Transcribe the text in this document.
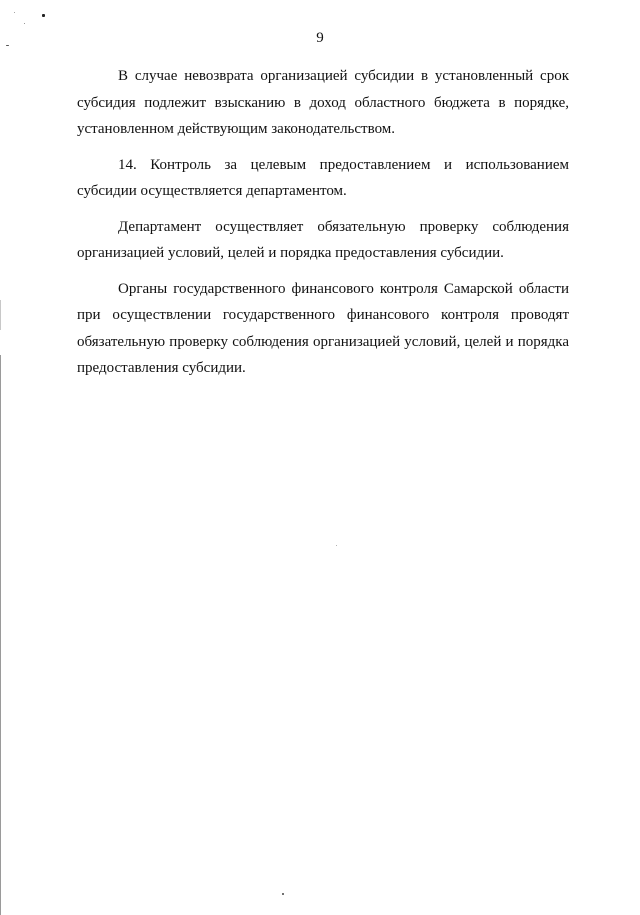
9

В случае невозврата организацией субсидии в установленный срок субсидия подлежит взысканию в доход областного бюджета в порядке, установленном действующим законодательством.

14. Контроль за целевым предоставлением и использованием субсидии осуществляется департаментом.

Департамент осуществляет обязательную проверку соблюдения организацией условий, целей и порядка предоставления субсидии.

Органы государственного финансового контроля Самарской области при осуществлении государственного финансового контроля проводят обязательную проверку соблюдения организацией условий, целей и порядка предоставления субсидии.
